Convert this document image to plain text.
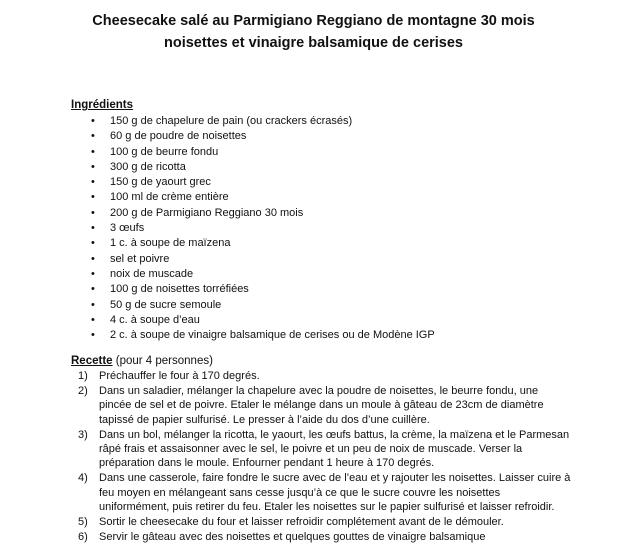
Cheesecake salé au Parmigiano Reggiano de montagne 30 mois
noisettes et vinaigre balsamique de cerises
Ingrédients
• 150 g de chapelure de pain (ou crackers écrasés)
• 60 g de poudre de noisettes
• 100 g de beurre fondu
• 300 g de ricotta
• 150 g de yaourt grec
• 100 ml de crème entière
• 200 g de Parmigiano Reggiano 30 mois
• 3 œufs
• 1 c. à soupe de maïzena
• sel et poivre
• noix de muscade
• 100 g de noisettes torréfiées
• 50 g de sucre semoule
• 4 c. à soupe d’eau
• 2 c. à soupe de vinaigre balsamique de cerises ou de Modène IGP
Recette (pour 4 personnes)
1) Préchauffer le four à 170 degrés.
2) Dans un saladier, mélanger la chapelure avec la poudre de noisettes, le beurre fondu, une
pincée de sel et de poivre. Etaler le mélange dans un moule à gâteau de 23cm de diamètre
tapissé de papier sulfurisé. Le presser à l’aide du dos d’une cuillère.
3) Dans un bol, mélanger la ricotta, le yaourt, les œufs battus, la crème, la maïzena et le Parmesan
râpé frais et assaisonner avec le sel, le poivre et un peu de noix de muscade. Verser la
préparation dans le moule. Enfourner pendant 1 heure à 170 degrés.
4) Dans une casserole, faire fondre le sucre avec de l’eau et y rajouter les noisettes. Laisser cuire à
feu moyen en mélangeant sans cesse jusqu’à ce que le sucre couvre les noisettes
uniformément, puis retirer du feu. Etaler les noisettes sur le papier sulfurisé et laisser refroidir.
5) Sortir le cheesecake du four et laisser refroidir complétement avant de le démouler.
6) Servir le gâteau avec des noisettes et quelques gouttes de vinaigre balsamique
